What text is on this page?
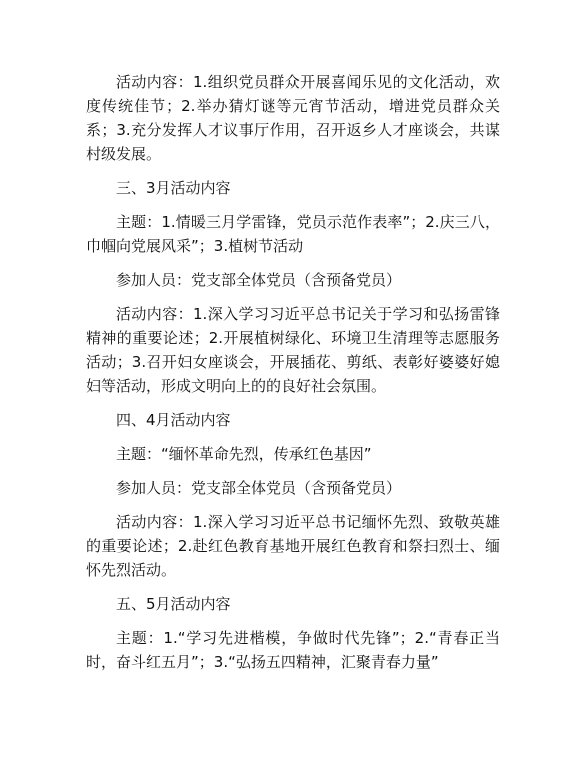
活动内容：1.组织党员群众开展喜闻乐见的文化活动，欢度传统佳节；2.举办猜灯谜等元宵节活动，增进党员群众关系；3.充分发挥人才议事厅作用，召开返乡人才座谈会，共谋村级发展。

三、3月活动内容

主题：1.情暖三月学雷锋，党员示范作表率”；2.庆三八，巾帼向党展风采”；3.植树节活动

参加人员：党支部全体党员（含预备党员）

活动内容：1.深入学习习近平总书记关于学习和弘扬雷锋精神的重要论述；2.开展植树绿化、环境卫生清理等志愿服务活动；3.召开妇女座谈会，开展插花、剪纸、表彰好婆婆好媳妇等活动，形成文明向上的的良好社会氛围。

四、4月活动内容

主题：“缅怀革命先烈，传承红色基因”

参加人员：党支部全体党员（含预备党员）

活动内容：1.深入学习习近平总书记缅怀先烈、致敬英雄的重要论述；2.赴红色教育基地开展红色教育和祭扫烈士、缅怀先烈活动。

五、5月活动内容

主题：1.“学习先进楷模，争做时代先锋”；2.“青春正当时，奋斗红五月”；3.“弘扬五四精神，汇聚青春力量”
